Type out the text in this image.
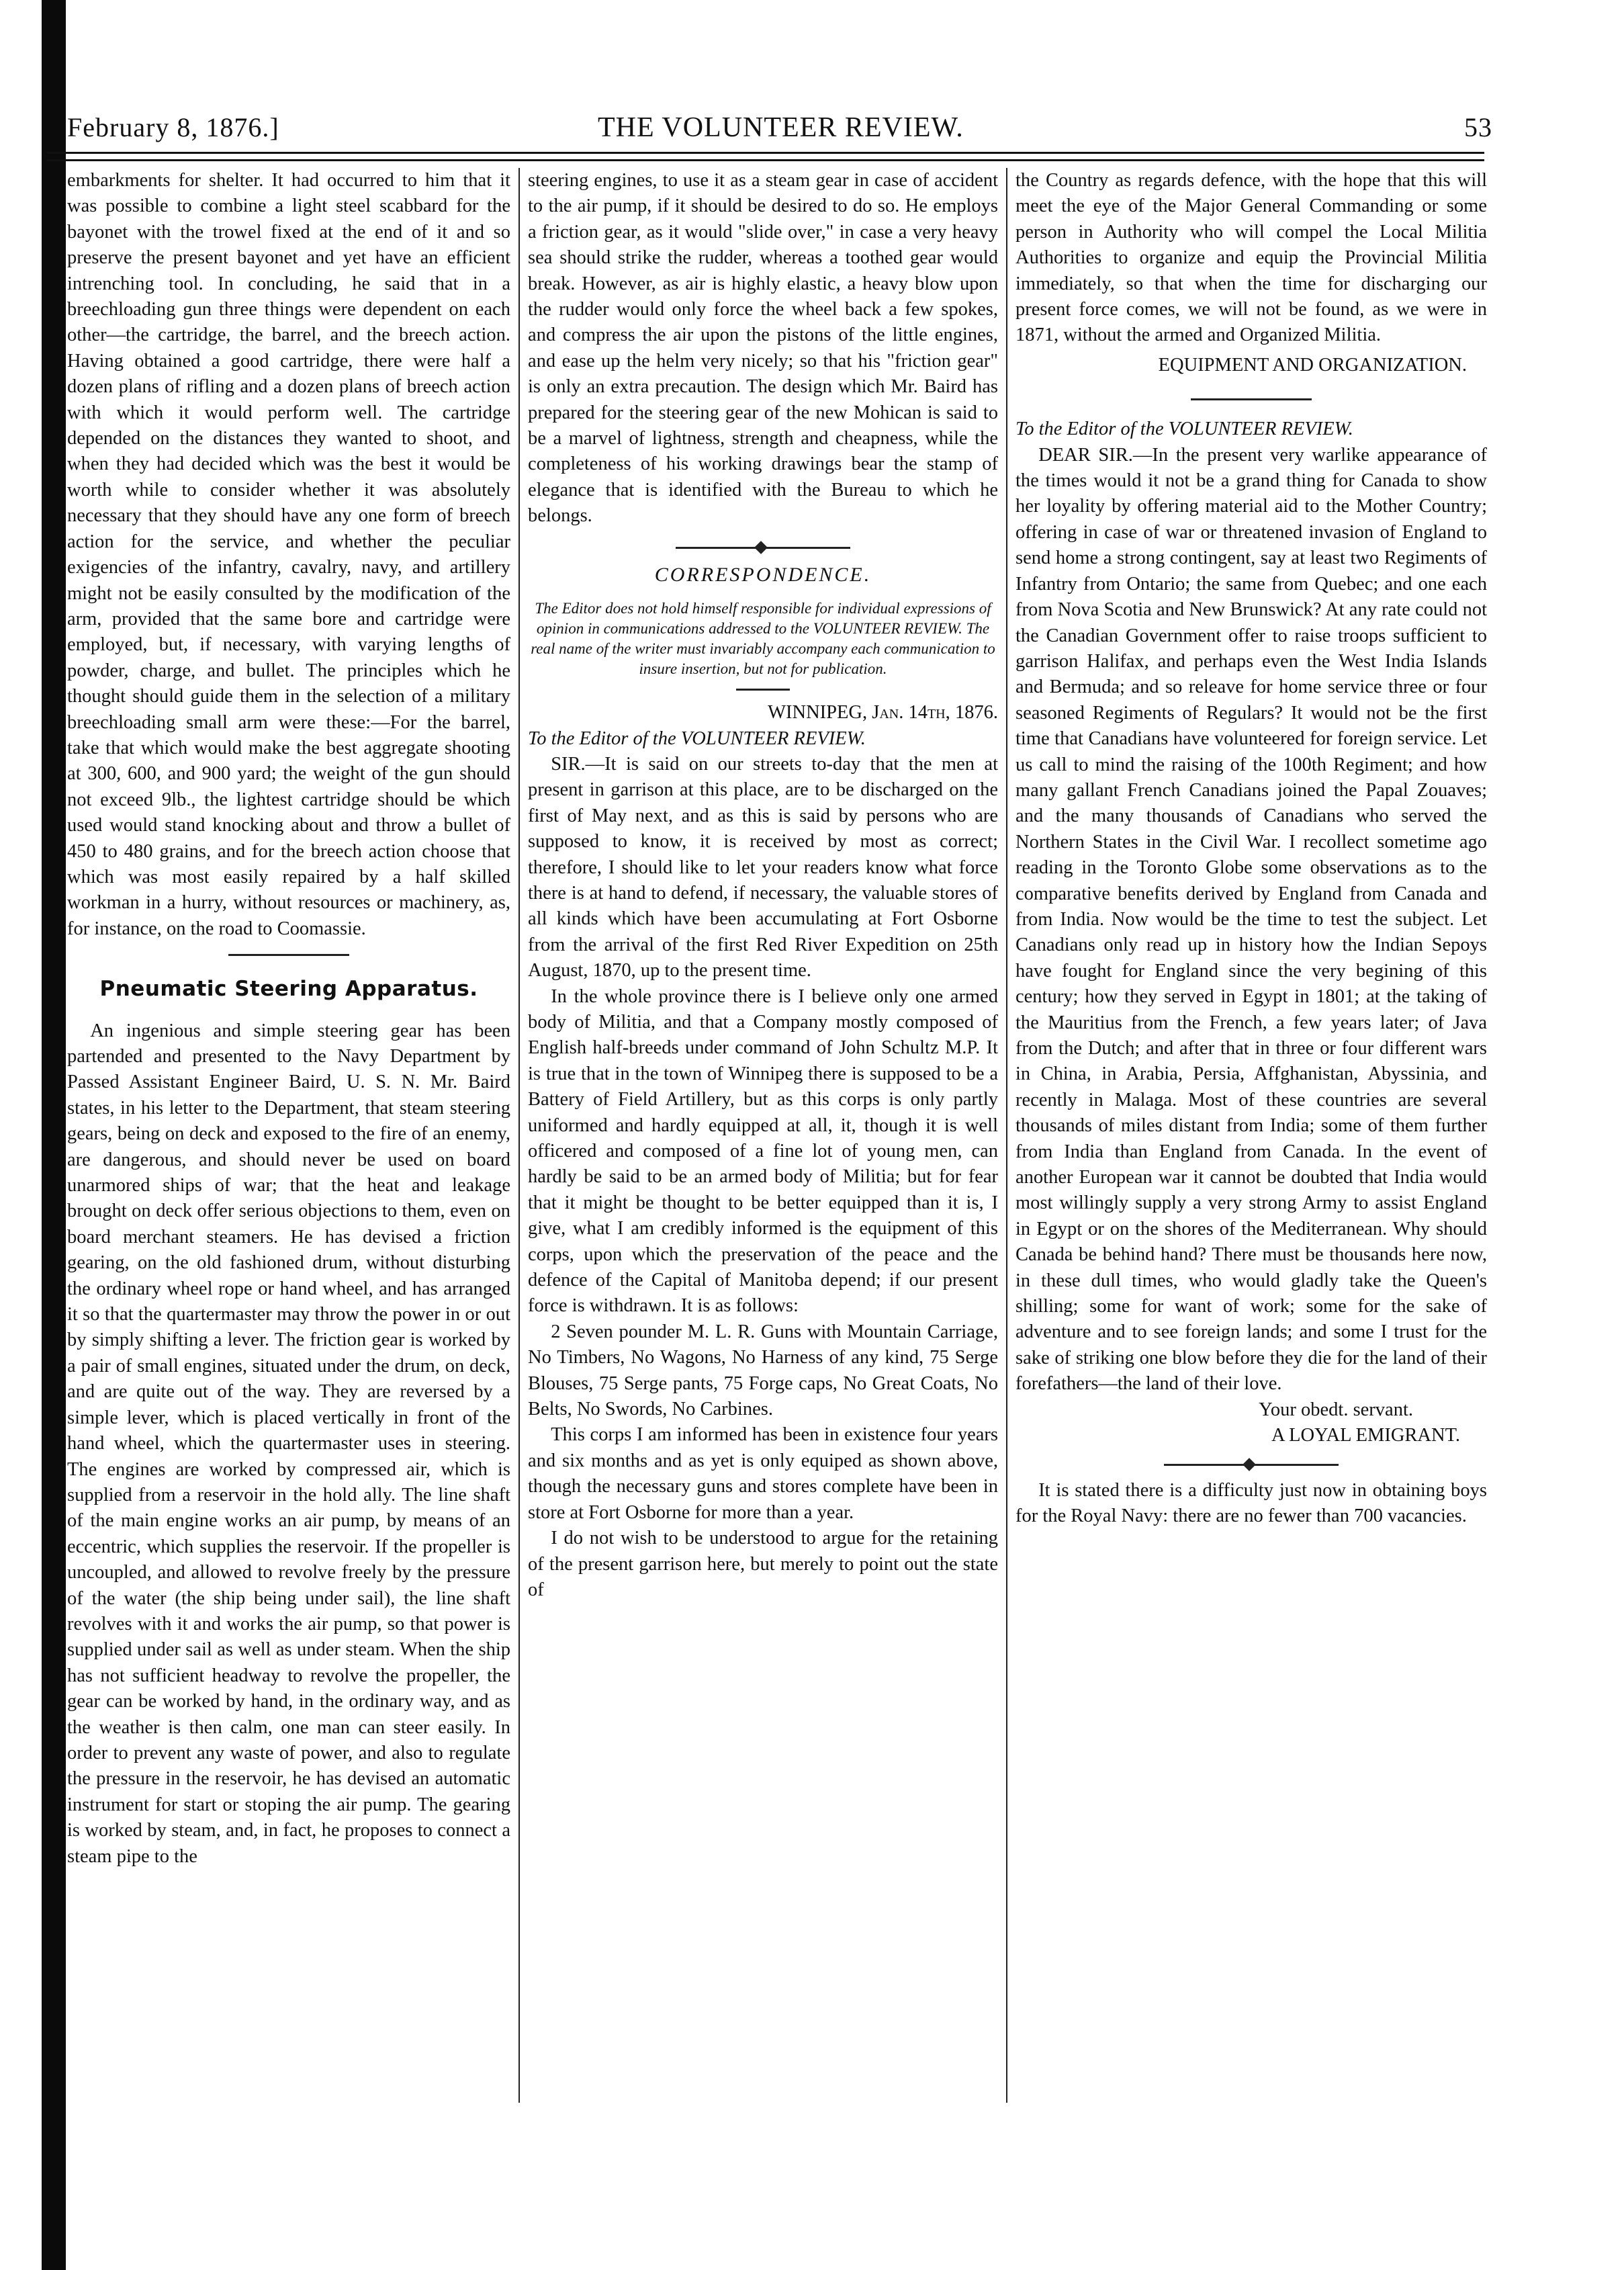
February 8, 1876.]	THE VOLUNTEER REVIEW.	53

embarkments for shelter. It had occurred to him that it was possible to combine a light steel scabbard for the bayonet with the trowel fixed at the end of it and so preserve the present bayonet and yet have an efficient intrenching tool. In concluding, he said that in a breechloading gun three things were dependent on each other—the cartridge, the barrel, and the breech action. Having obtained a good cartridge, there were half a dozen plans of rifling and a dozen plans of breech action with which it would perform well. The cartridge depended on the distances they wanted to shoot, and when they had decided which was the best it would be worth while to consider whether it was absolutely necessary that they should have any one form of breech action for the service, and whether the peculiar exigencies of the infantry, cavalry, navy, and artillery might not be easily consulted by the modification of the arm, provided that the same bore and cartridge were employed, but, if necessary, with varying lengths of powder, charge, and bullet. The principles which he thought should guide them in the selection of a military breechloading small arm were these:—For the barrel, take that which would make the best aggregate shooting at 300, 600, and 900 yard; the weight of the gun should not exceed 9lb., the lightest cartridge should be which used would stand knocking about and throw a bullet of 450 to 480 grains, and for the breech action choose that which was most easily repaired by a half skilled workman in a hurry, without resources or machinery, as, for instance, on the road to Coomassie.

Pneumatic Steering Apparatus.

An ingenious and simple steering gear has been partended and presented to the Navy Department by Passed Assistant Engineer Baird, U. S. N. Mr. Baird states, in his letter to the Department, that steam steering gears, being on deck and exposed to the fire of an enemy, are dangerous, and should never be used on board unarmored ships of war; that the heat and leakage brought on deck offer serious objections to them, even on board merchant steamers. He has devised a friction gearing, on the old fashioned drum, without disturbing the ordinary wheel rope or hand wheel, and has arranged it so that the quartermaster may throw the power in or out by simply shifting a lever. The friction gear is worked by a pair of small engines, situated under the drum, on deck, and are quite out of the way. They are reversed by a simple lever, which is placed vertically in front of the hand wheel, which the quartermaster uses in steering. The engines are worked by compressed air, which is supplied from a reservoir in the hold ally. The line shaft of the main engine works an air pump, by means of an eccentric, which supplies the reservoir. If the propeller is uncoupled, and allowed to revolve freely by the pressure of the water (the ship being under sail), the line shaft revolves with it and works the air pump, so that power is supplied under sail as well as under steam. When the ship has not sufficient headway to revolve the propeller, the gear can be worked by hand, in the ordinary way, and as the weather is then calm, one man can steer easily. In order to prevent any waste of power, and also to regulate the pressure in the reservoir, he has devised an automatic instrument for start or stoping the air pump. The gearing is worked by steam, and, in fact, he proposes to connect a steam pipe to the

steering engines, to use it as a steam gear in case of accident to the air pump, if it should be desired to do so. He employs a friction gear, as it would "slide over," in case a very heavy sea should strike the rudder, whereas a toothed gear would break. However, as air is highly elastic, a heavy blow upon the rudder would only force the wheel back a few spokes, and compress the air upon the pistons of the little engines, and ease up the helm very nicely; so that his "friction gear" is only an extra precaution. The design which Mr. Baird has prepared for the steering gear of the new Mohican is said to be a marvel of lightness, strength and cheapness, while the completeness of his working drawings bear the stamp of elegance that is identified with the Bureau to which he belongs.

CORRESPONDENCE.

The Editor does not hold himself responsible for individual expressions of opinion in communications addressed to the VOLUNTEER REVIEW. The real name of the writer must invariably accompany each communication to insure insertion, but not for publication.

WINNIPEG, Jan. 14th, 1876.

To the Editor of the VOLUNTEER REVIEW.

SIR.—It is said on our streets to-day that the men at present in garrison at this place, are to be discharged on the first of May next, and as this is said by persons who are supposed to know, it is received by most as correct; therefore, I should like to let your readers know what force there is at hand to defend, if necessary, the valuable stores of all kinds which have been accumulating at Fort Osborne from the arrival of the first Red River Expedition on 25th August, 1870, up to the present time.

In the whole province there is I believe only one armed body of Militia, and that a Company mostly composed of English half-breeds under command of John Schultz M.P. It is true that in the town of Winnipeg there is supposed to be a Battery of Field Artillery, but as this corps is only partly uniformed and hardly equipped at all, it, though it is well officered and composed of a fine lot of young men, can hardly be said to be an armed body of Militia; but for fear that it might be thought to be better equipped than it is, I give, what I am credibly informed is the equipment of this corps, upon which the preservation of the peace and the defence of the Capital of Manitoba depend; if our present force is withdrawn. It is as follows:

2 Seven pounder M. L. R. Guns with Mountain Carriage, No Timbers, No Wagons, No Harness of any kind, 75 Serge Blouses, 75 Serge pants, 75 Forge caps, No Great Coats, No Belts, No Swords, No Carbines.

This corps I am informed has been in existence four years and six months and as yet is only equiped as shown above, though the necessary guns and stores complete have been in store at Fort Osborne for more than a year.

I do not wish to be understood to argue for the retaining of the present garrison here, but merely to point out the state of

the Country as regards defence, with the hope that this will meet the eye of the Major General Commanding or some person in Authority who will compel the Local Militia Authorities to organize and equip the Provincial Militia immediately, so that when the time for discharging our present force comes, we will not be found, as we were in 1871, without the armed and Organized Militia.

EQUIPMENT AND ORGANIZATION.

To the Editor of the VOLUNTEER REVIEW.

DEAR SIR.—In the present very warlike appearance of the times would it not be a grand thing for Canada to show her loyality by offering material aid to the Mother Country; offering in case of war or threatened invasion of England to send home a strong contingent, say at least two Regiments of Infantry from Ontario; the same from Quebec; and one each from Nova Scotia and New Brunswick? At any rate could not the Canadian Government offer to raise troops sufficient to garrison Halifax, and perhaps even the West India Islands and Bermuda; and so releave for home service three or four seasoned Regiments of Regulars? It would not be the first time that Canadians have volunteered for foreign service. Let us call to mind the raising of the 100th Regiment; and how many gallant French Canadians joined the Papal Zouaves; and the many thousands of Canadians who served the Northern States in the Civil War. I recollect sometime ago reading in the Toronto Globe some observations as to the comparative benefits derived by England from Canada and from India. Now would be the time to test the subject. Let Canadians only read up in history how the Indian Sepoys have fought for England since the very begining of this century; how they served in Egypt in 1801; at the taking of the Mauritius from the French, a few years later; of Java from the Dutch; and after that in three or four different wars in China, in Arabia, Persia, Affghanistan, Abyssinia, and recently in Malaga. Most of these countries are several thousands of miles distant from India; some of them further from India than England from Canada. In the event of another European war it cannot be doubted that India would most willingly supply a very strong Army to assist England in Egypt or on the shores of the Mediterranean. Why should Canada be behind hand? There must be thousands here now, in these dull times, who would gladly take the Queen's shilling; some for want of work; some for the sake of adventure and to see foreign lands; and some I trust for the sake of striking one blow before they die for the land of their forefathers—the land of their love.

Your obedt. servant.

A LOYAL EMIGRANT.

It is stated there is a difficulty just now in obtaining boys for the Royal Navy: there are no fewer than 700 vacancies.
